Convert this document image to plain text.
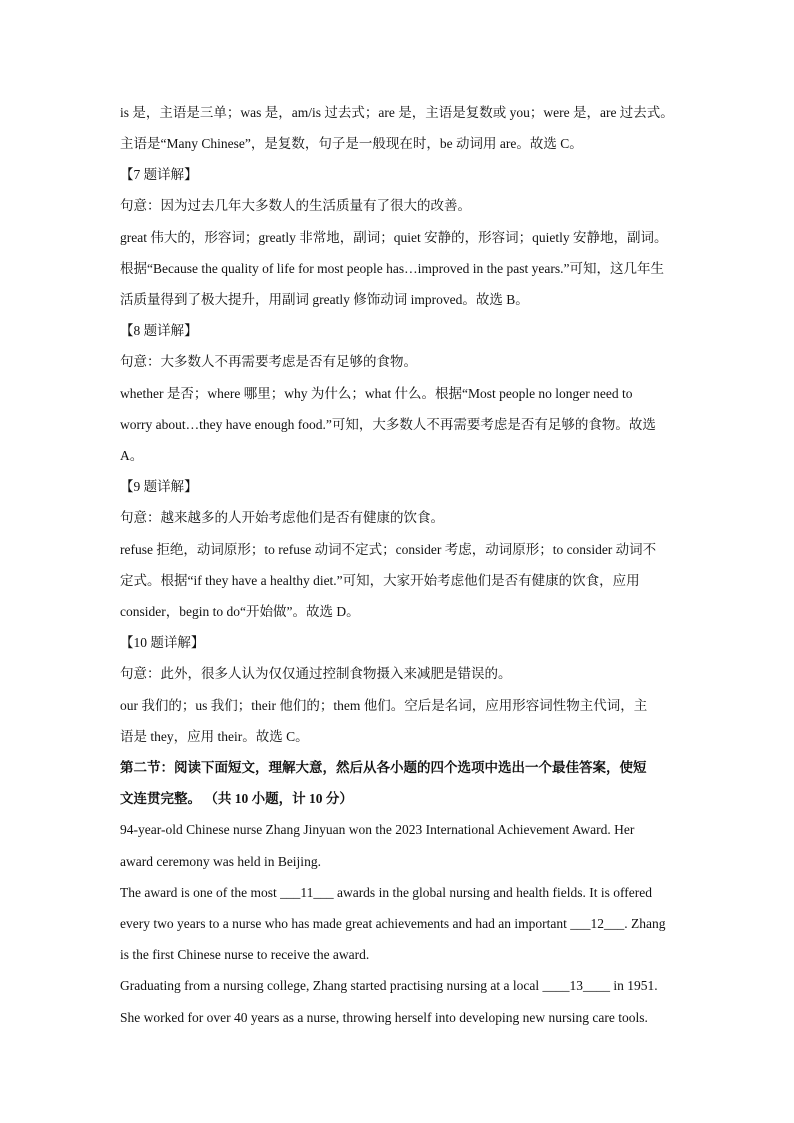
is 是，主语是三单；was 是，am/is 过去式；are 是，主语是复数或 you；were 是，are 过去式。
主语是“Many Chinese”，是复数，句子是一般现在时，be 动词用 are。故选 C。
【7 题详解】
句意：因为过去几年大多数人的生活质量有了很大的改善。
great 伟大的，形容词；greatly 非常地，副词；quiet 安静的，形容词；quietly 安静地，副词。
根据“Because the quality of life for most people has…improved in the past years.”可知，这几年生
活质量得到了极大提升，用副词 greatly 修饰动词 improved。故选 B。
【8 题详解】
句意：大多数人不再需要考虑是否有足够的食物。
whether 是否；where 哪里；why 为什么；what 什么。根据“Most people no longer need to
worry about…they have enough food.”可知，大多数人不再需要考虑是否有足够的食物。故选
A。
【9 题详解】
句意：越来越多的人开始考虑他们是否有健康的饮食。
refuse 拒绝，动词原形；to refuse 动词不定式；consider 考虑，动词原形；to consider 动词不
定式。根据“if they have a healthy diet.”可知，大家开始考虑他们是否有健康的饮食，应用
consider，begin to do“开始做”。故选 D。
【10 题详解】
句意：此外，很多人认为仅仅通过控制食物摄入来减肥是错误的。
our 我们的；us 我们；their 他们的；them 他们。空后是名词，应用形容词性物主代词，主
语是 they，应用 their。故选 C。
第二节：阅读下面短文，理解大意，然后从各小题的四个选项中选出一个最佳答案，使短
文连贯完整。 （共 10 小题，计 10 分）
94-year-old Chinese nurse Zhang Jinyuan won the 2023 International Achievement Award. Her
award ceremony was held in Beijing.
The award is one of the most ___11___ awards in the global nursing and health fields. It is offered
every two years to a nurse who has made great achievements and had an important ___12___. Zhang
is the first Chinese nurse to receive the award.
Graduating from a nursing college, Zhang started practising nursing at a local ____13____ in 1951.
She worked for over 40 years as a nurse, throwing herself into developing new nursing care tools.
